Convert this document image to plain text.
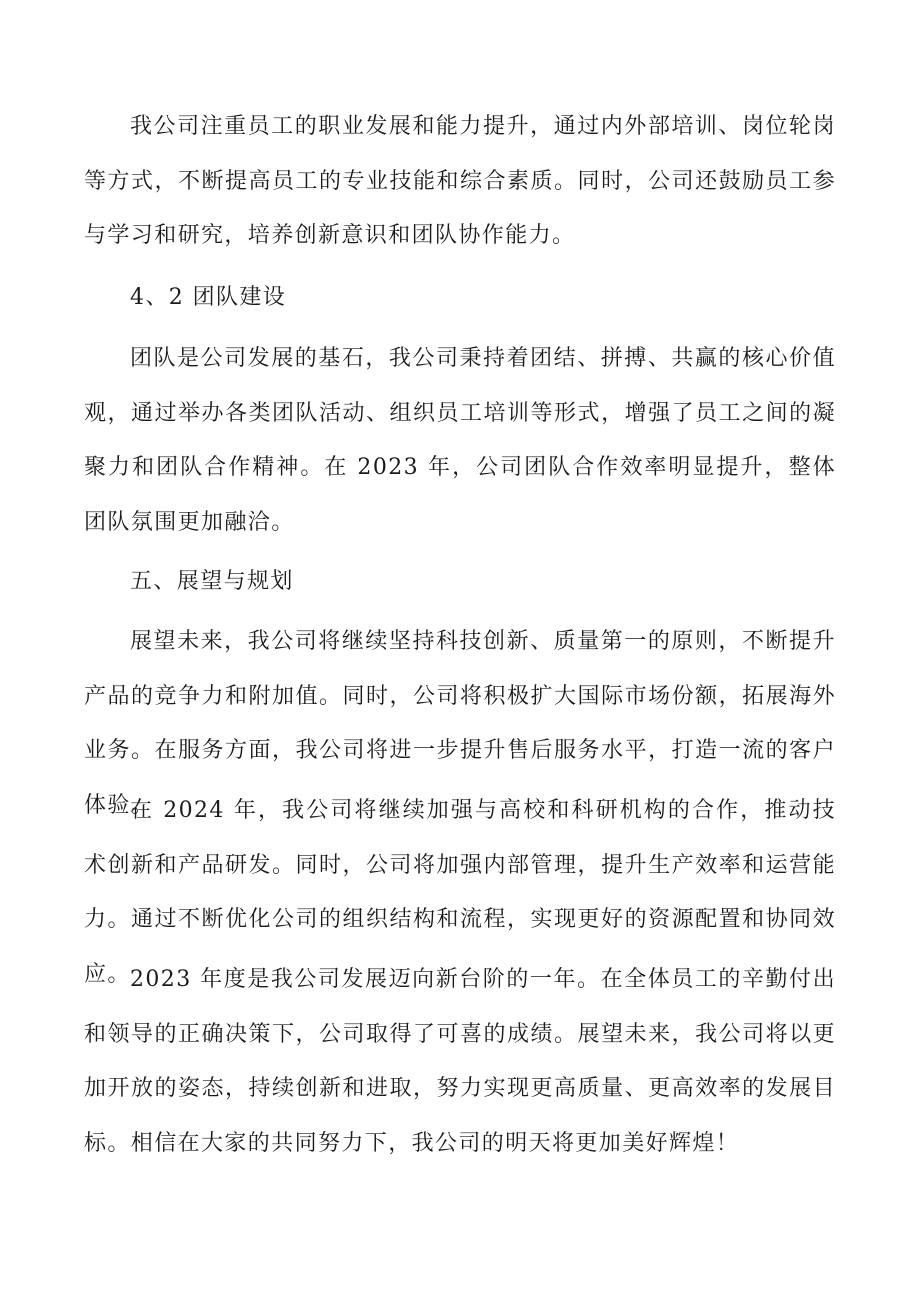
我公司注重员工的职业发展和能力提升，通过内外部培训、岗位轮岗等方式，不断提高员工的专业技能和综合素质。同时，公司还鼓励员工参与学习和研究，培养创新意识和团队协作能力。

4、2 团队建设

团队是公司发展的基石，我公司秉持着团结、拼搏、共赢的核心价值观，通过举办各类团队活动、组织员工培训等形式，增强了员工之间的凝聚力和团队合作精神。在 2023 年，公司团队合作效率明显提升，整体团队氛围更加融洽。

五、展望与规划

展望未来，我公司将继续坚持科技创新、质量第一的原则，不断提升产品的竞争力和附加值。同时，公司将积极扩大国际市场份额，拓展海外业务。在服务方面，我公司将进一步提升售后服务水平，打造一流的客户体验。

在 2024 年，我公司将继续加强与高校和科研机构的合作，推动技术创新和产品研发。同时，公司将加强内部管理，提升生产效率和运营能力。通过不断优化公司的组织结构和流程，实现更好的资源配置和协同效应。 2023 年度是我公司发展迈向新台阶的一年。在全体员工的辛勤付出和领导的正确决策下，公司取得了可喜的成绩。展望未来，我公司将以更加开放的姿态，持续创新和进取，努力实现更高质量、更高效率的发展目标。相信在大家的共同努力下，我公司的明天将更加美好辉煌！
